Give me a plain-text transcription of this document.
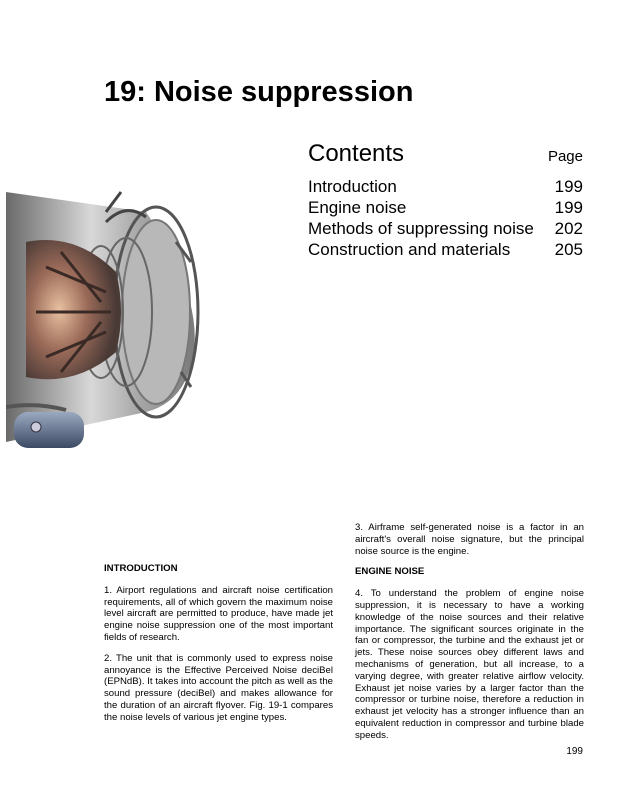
19: Noise suppression
Contents	Page
Introduction	199
Engine noise	199
Methods of suppressing noise 202
Construction and materials	205
INTRODUCTION

1. Airport regulations and aircraft noise certification requirements, all of which govern the maximum noise level aircraft are permitted to produce, have made jet engine noise suppression one of the most important fields of research.

2. The unit that is commonly used to express noise annoyance is the Effective Perceived Noise deciBel (EPNdB). It takes into account the pitch as well as the sound pressure (deciBel) and makes allowance for the duration of an aircraft flyover. Fig. 19-1 compares the noise levels of various jet engine types.

3. Airframe self-generated noise is a factor in an aircraft's overall noise signature, but the principal noise source is the engine.

ENGINE NOISE

4. To understand the problem of engine noise suppression, it is necessary to have a working knowledge of the noise sources and their relative importance. The significant sources originate in the fan or compressor, the turbine and the exhaust jet or jets. These noise sources obey different laws and mechanisms of generation, but all increase, to a varying degree, with greater relative airflow velocity. Exhaust jet noise varies by a larger factor than the compressor or turbine noise, therefore a reduction in exhaust jet velocity has a stronger influence than an equivalent reduction in compressor and turbine blade speeds.

199
